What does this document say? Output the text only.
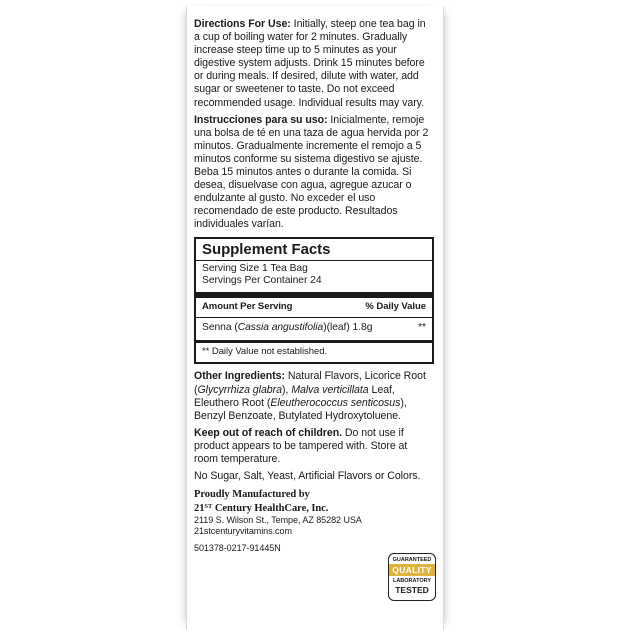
Directions For Use: Initially, steep one tea bag in a cup of boiling water for 2 minutes. Gradually increase steep time up to 5 minutes as your digestive system adjusts. Drink 15 minutes before or during meals. If desired, dilute with water, add sugar or sweetener to taste. Do not exceed recommended usage. Individual results may vary.

Instrucciones para su uso: Inicialmente, remoje una bolsa de té en una taza de agua hervida por 2 minutos. Gradualmente incremente el remojo a 5 minutos conforme su sistema digestivo se ajuste. Beba 15 minutos antes o durante la comida. Si desea, disuelvase con agua, agregue azucar o endulzante al gusto. No exceder el uso recomendado de este producto. Resultados individuales varían.

Supplement Facts
Serving Size 1 Tea Bag
Servings Per Container 24
Amount Per Serving	% Daily Value
Senna (Cassia angustifolia)(leaf) 1.8g	**
** Daily Value not established.

Other Ingredients: Natural Flavors, Licorice Root (Glycyrrhiza glabra), Malva verticillata Leaf, Eleuthero Root (Eleutherococcus senticosus), Benzyl Benzoate, Butylated Hydroxytoluene.

Keep out of reach of children. Do not use if product appears to be tampered with. Store at room temperature.

No Sugar, Salt, Yeast, Artificial Flavors or Colors.

Proudly Manufactured by
21ST Century HealthCare, Inc.
2119 S. Wilson St., Tempe, AZ 85282 USA
21stcenturyvitamins.com
501378-0217-91445N
GUARANTEED
QUALITY
LABORATORY
TESTED
